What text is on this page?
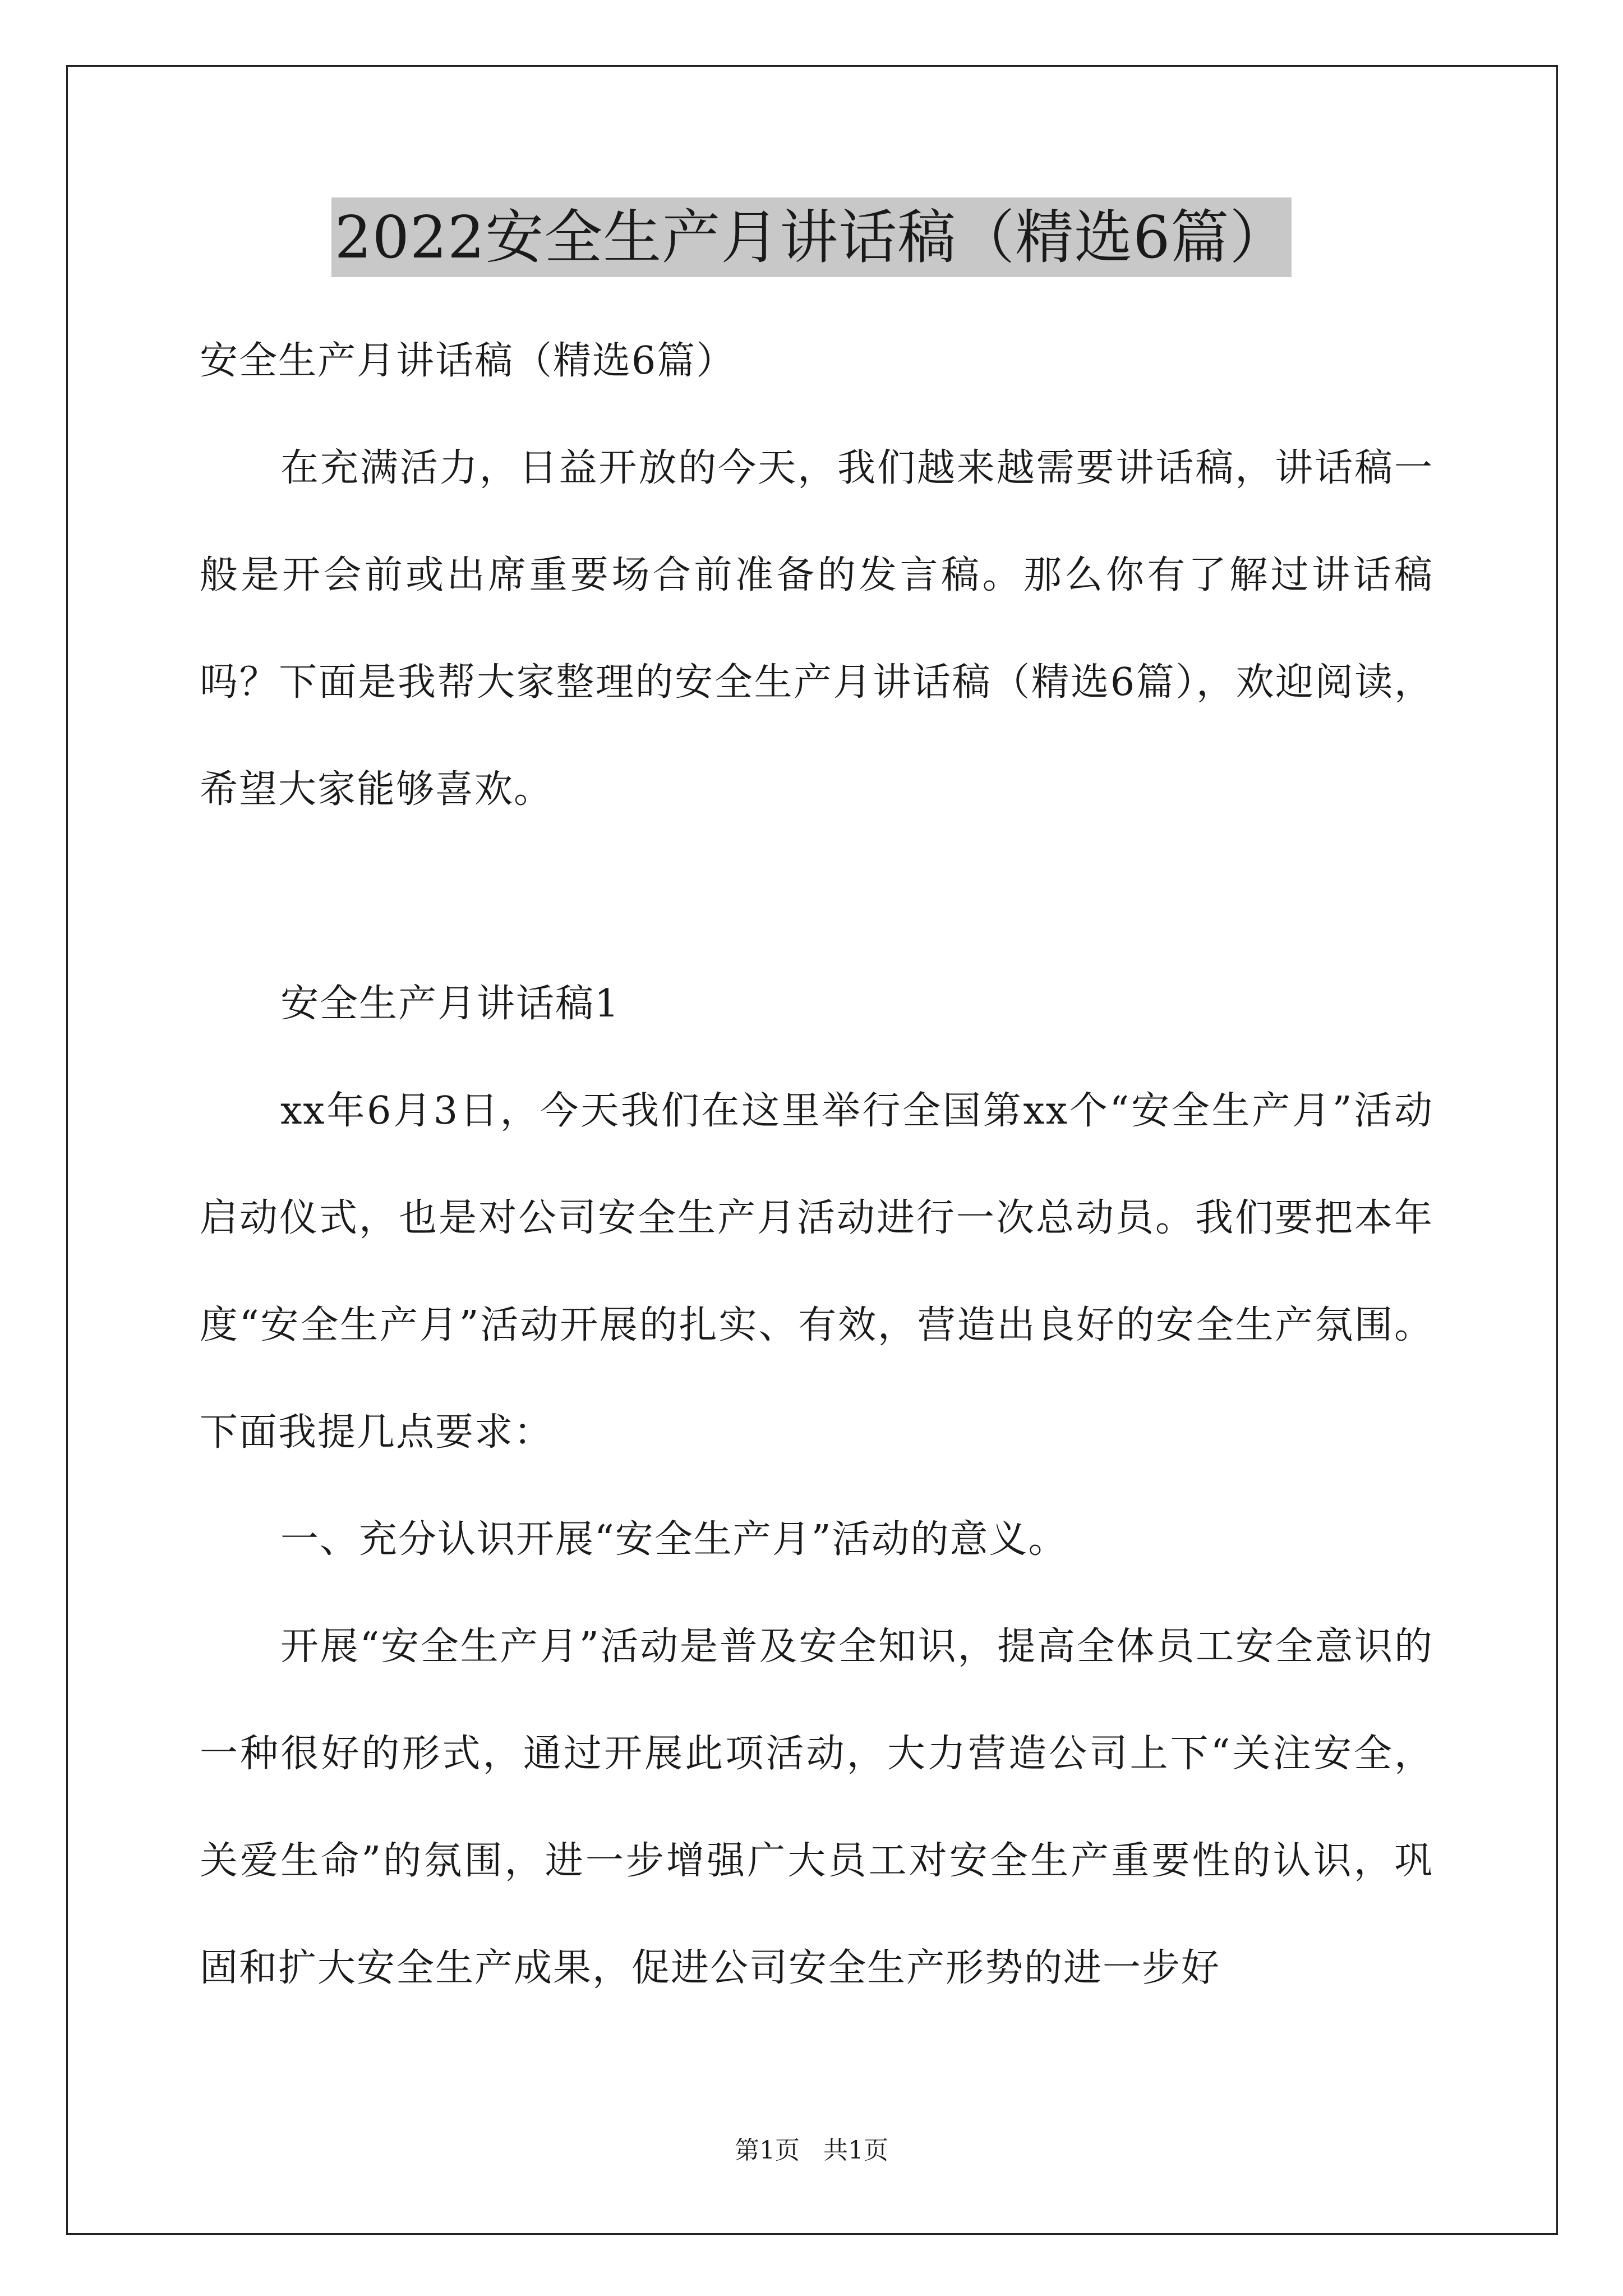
2022安全生产月讲话稿（精选6篇）

安全生产月讲话稿（精选6篇）

在充满活力，日益开放的今天，我们越来越需要讲话稿，讲话稿一般是开会前或出席重要场合前准备的发言稿。那么你有了解过讲话稿吗？下面是我帮大家整理的安全生产月讲话稿（精选6篇），欢迎阅读，希望大家能够喜欢。

安全生产月讲话稿1

xx年6月3日，今天我们在这里举行全国第xx个“安全生产月”活动启动仪式，也是对公司安全生产月活动进行一次总动员。我们要把本年度“安全生产月”活动开展的扎实、有效，营造出良好的安全生产氛围。下面我提几点要求：

一、充分认识开展“安全生产月”活动的意义。

开展“安全生产月”活动是普及安全知识，提高全体员工安全意识的一种很好的形式，通过开展此项活动，大力营造公司上下“关注安全，关爱生命”的氛围，进一步增强广大员工对安全生产重要性的认识，巩固和扩大安全生产成果，促进公司安全生产形势的进一步好

第1页   共1页
